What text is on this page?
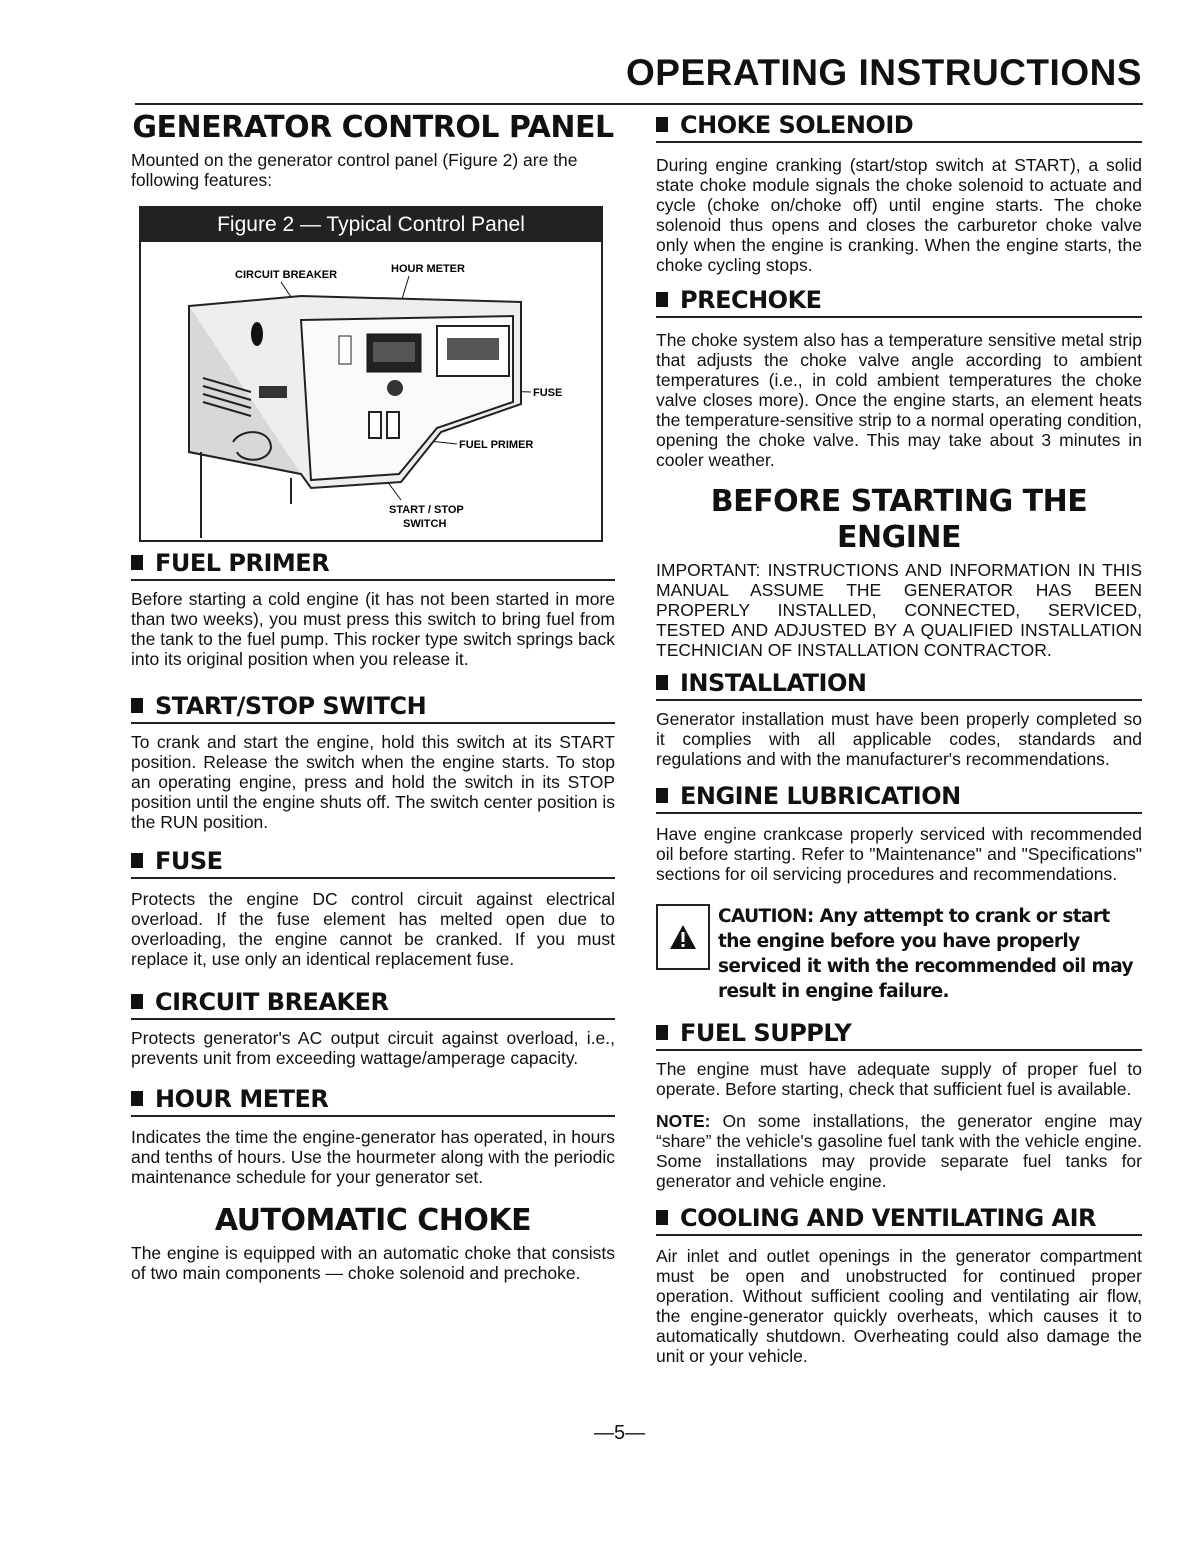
OPERATING INSTRUCTIONS
GENERATOR CONTROL PANEL

Mounted on the generator control panel (Figure 2) are the following features:

Figure 2 — Typical Control Panel
CIRCUIT BREAKER	HOUR METER
FUSE
FUEL PRIMER
START / STOP
SWITCH
FUEL PRIMER

Before starting a cold engine (it has not been started in more than two weeks), you must press this switch to bring fuel from the tank to the fuel pump. This rocker type switch springs back into its original position when you release it.

START/STOP SWITCH

To crank and start the engine, hold this switch at its START position. Release the switch when the engine starts. To stop an operating engine, press and hold the switch in its STOP position until the engine shuts off. The switch center position is the RUN position.

FUSE

Protects the engine DC control circuit against electrical overload. If the fuse element has melted open due to overloading, the engine cannot be cranked. If you must replace it, use only an identical replacement fuse.

CIRCUIT BREAKER

Protects generator's AC output circuit against overload, i.e., prevents unit from exceeding wattage/amperage capacity.

HOUR METER

Indicates the time the engine-generator has operated, in hours and tenths of hours. Use the hourmeter along with the periodic maintenance schedule for your generator set.

AUTOMATIC CHOKE

The engine is equipped with an automatic choke that consists of two main components — choke solenoid and prechoke.

CHOKE SOLENOID

During engine cranking (start/stop switch at START), a solid state choke module signals the choke solenoid to actuate and cycle (choke on/choke off) until engine starts. The choke solenoid thus opens and closes the carburetor choke valve only when the engine is cranking. When the engine starts, the choke cycling stops.

PRECHOKE

The choke system also has a temperature sensitive metal strip that adjusts the choke valve angle according to ambient temperatures (i.e., in cold ambient temperatures the choke valve closes more). Once the engine starts, an element heats the temperature-sensitive strip to a normal operating condition, opening the choke valve. This may take about 3 minutes in cooler weather.

BEFORE STARTING THE ENGINE

IMPORTANT: INSTRUCTIONS AND INFORMATION IN THIS MANUAL ASSUME THE GENERATOR HAS BEEN PROPERLY INSTALLED, CONNECTED, SERVICED, TESTED AND ADJUSTED BY A QUALIFIED INSTALLATION TECHNICIAN OF INSTALLATION CONTRACTOR.

INSTALLATION

Generator installation must have been properly completed so it complies with all applicable codes, standards and regulations and with the manufacturer's recommendations.

ENGINE LUBRICATION

Have engine crankcase properly serviced with recommended oil before starting. Refer to "Maintenance" and "Specifications" sections for oil servicing procedures and recommendations.

CAUTION: Any attempt to crank or start the engine before you have properly serviced it with the recommended oil may result in engine failure.
FUEL SUPPLY

The engine must have adequate supply of proper fuel to operate. Before starting, check that sufficient fuel is available.

NOTE: On some installations, the generator engine may “share” the vehicle's gasoline fuel tank with the vehicle engine. Some installations may provide separate fuel tanks for generator and vehicle engine.

COOLING AND VENTILATING AIR

Air inlet and outlet openings in the generator compartment must be open and unobstructed for continued proper operation. Without sufficient cooling and ventilating air flow, the engine-generator quickly overheats, which causes it to automatically shutdown. Overheating could also damage the unit or your vehicle.

—5—
